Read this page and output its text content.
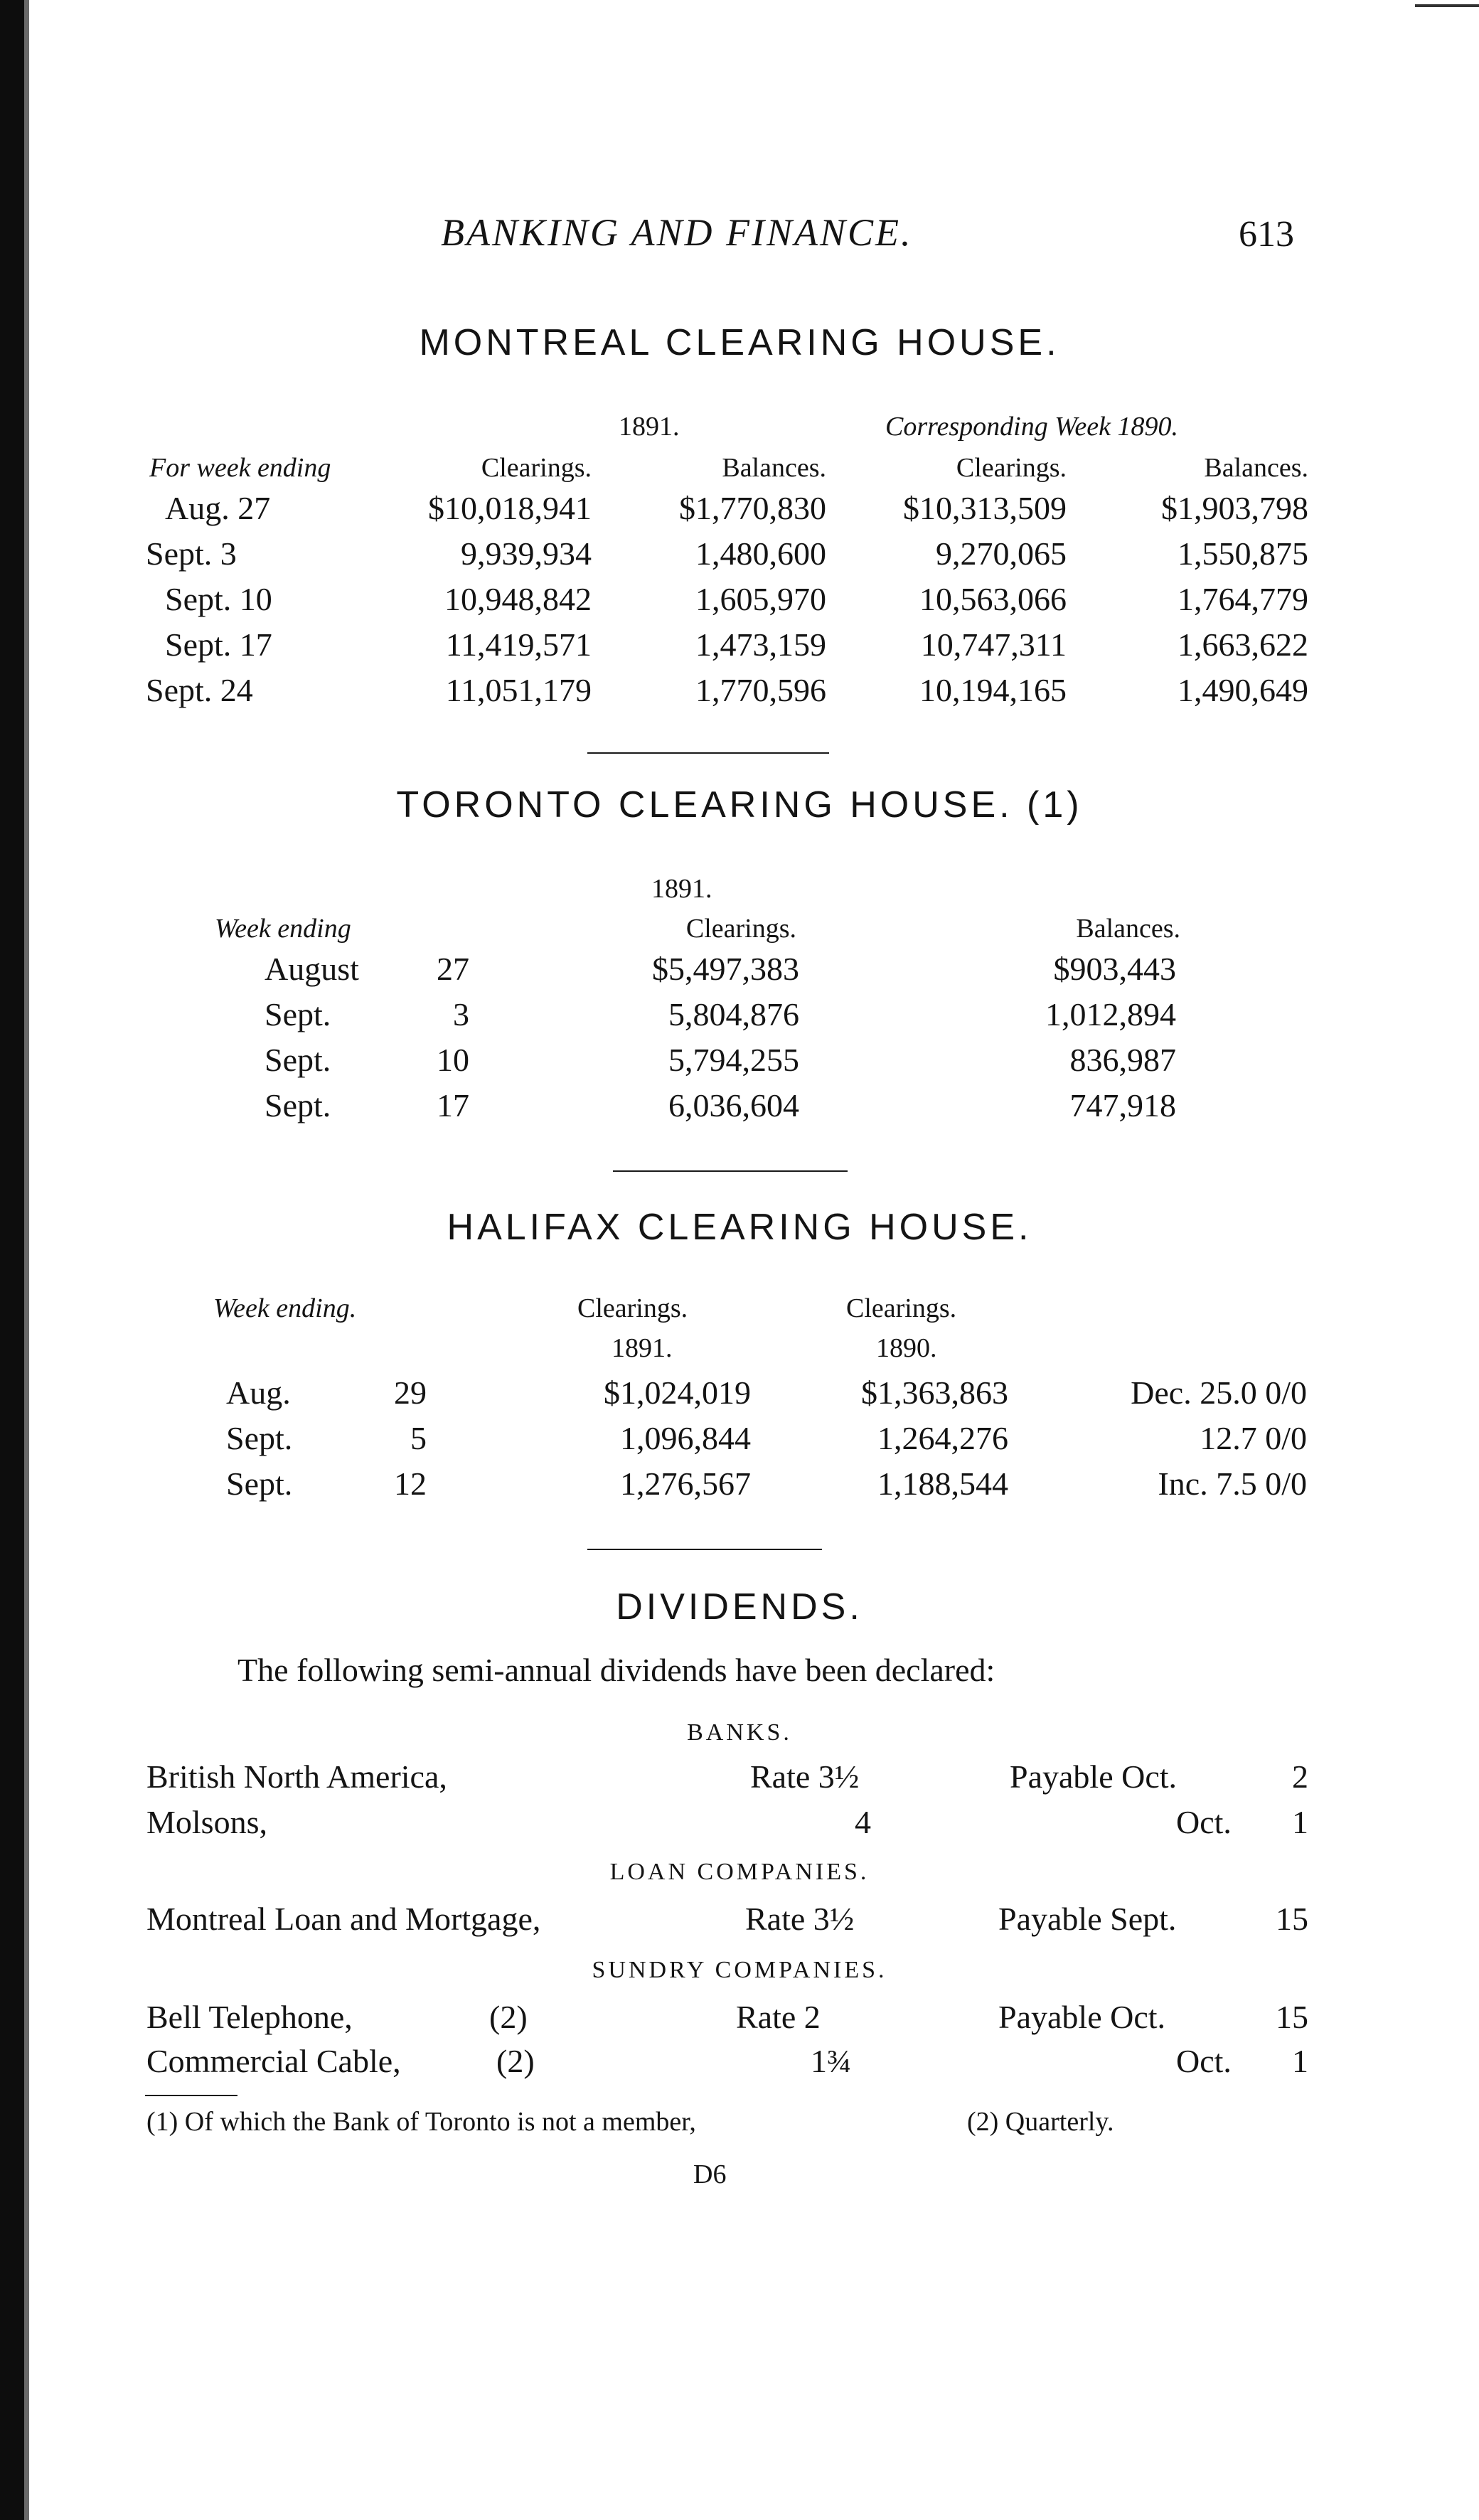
BANKING AND FINANCE.	613
MONTREAL CLEARING HOUSE.
1891.	Corresponding Week 1890.
For week ending	Clearings.	Balances.	Clearings.	Balances.
Aug. 27	$10,018,941	$1,770,830	$10,313,509	$1,903,798
Sept. 3	9,939,934	1,480,600	9,270,065	1,550,875
Sept. 10	10,948,842	1,605,970	10,563,066	1,764,779
Sept. 17	11,419,571	1,473,159	10,747,311	1,663,622
Sept. 24	11,051,179	1,770,596	10,194,165	1,490,649
TORONTO CLEARING HOUSE. (1)
1891.
Week ending	Clearings.	Balances.
August	27	$5,497,383	$903,443
Sept.	3	5,804,876	1,012,894
Sept.	10	5,794,255	836,987
Sept.	17	6,036,604	747,918
HALIFAX CLEARING HOUSE.
Week ending.	Clearings.	Clearings.
1891.	1890.
Aug.	29	$1,024,019	$1,363,863	Dec. 25.0 0/0
Sept.	5	1,096,844	1,264,276	12.7 0/0
Sept.	12	1,276,567	1,188,544	Inc. 7.5 0/0
DIVIDENDS.
The following semi-annual dividends have been declared:
BANKS.
British North America,	Rate 3½	Payable Oct.	2
Molsons,	4	Oct.	1
LOAN COMPANIES.
Montreal Loan and Mortgage,	Rate 3½	Payable Sept.	15
SUNDRY COMPANIES.
Bell Telephone,	(2)	Rate 2	Payable Oct.	15
Commercial Cable,	(2)	1¾	Oct.	1
(1) Of which the Bank of Toronto is not a member,	(2) Quarterly.
D6
